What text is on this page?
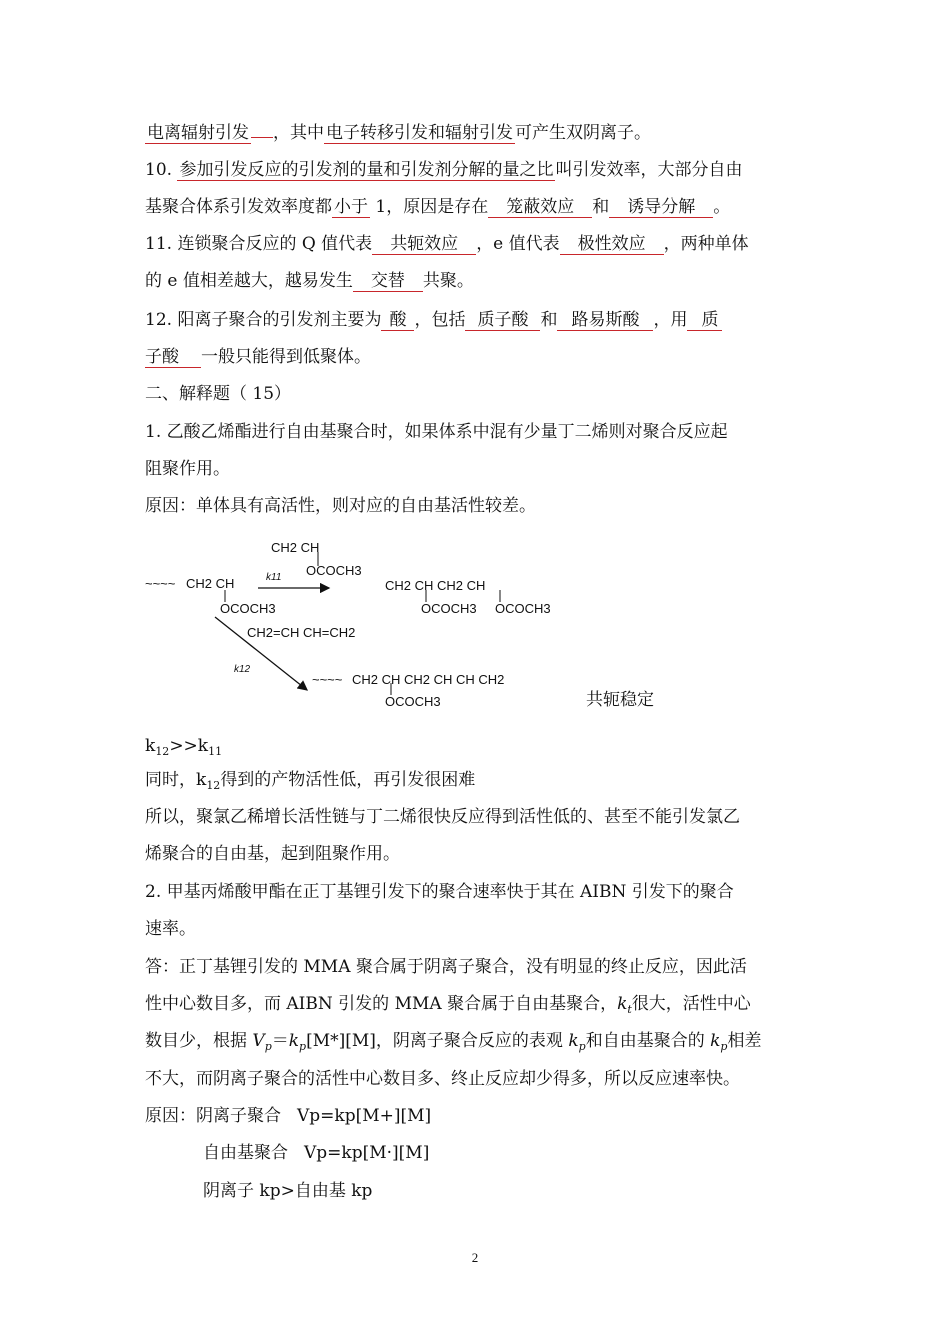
电离辐射引发 ，其中 电子转移引发和辐射引发 可产生双阴离子。
10. 参加引发反应的引发剂的量和引发剂分解的量之比 叫引发效率，大部分自由
基聚合体系引发效率度都 小于 1，原因是存在 笼蔽效应 和 诱导分解 。
11. 连锁聚合反应的 Q 值代表 共轭效应 ，e 值代表 极性效应 ，两种单体
的 e 值相差越大，越易发生 交替 共聚。
12. 阳离子聚合的引发剂主要为 酸 ，包括 质子酸 和 路易斯酸 ，用 质
子酸 一般只能得到低聚体。
二、解释题（ 15）
1. 乙酸乙烯酯进行自由基聚合时，如果体系中混有少量丁二烯则对聚合反应起
阻聚作用。
原因：单体具有高活性，则对应的自由基活性较差。
CH2 CH
OCOCH3
~~~~ CH2 CH
OCOCH3
k11
CH2 CH CH2 CH
OCOCH3 OCOCH3
CH2=CH CH=CH2
k12
~~~~ CH2 CH CH2 CH CH CH2
OCOCH3	共轭稳定
$k_{12}>>k_{11}$
同时，$k_{12}$得到的产物活性低，再引发很困难
所以，聚氯乙稀增长活性链与丁二烯很快反应得到活性低的、甚至不能引发氯乙
烯聚合的自由基，起到阻聚作用。
2. 甲基丙烯酸甲酯在正丁基锂引发下的聚合速率快于其在 AIBN 引发下的聚合
速率。
答：正丁基锂引发的 MMA 聚合属于阴离子聚合，没有明显的终止反应，因此活
性中心数目多，而 AIBN 引发的 MMA 聚合属于自由基聚合，$k_t$很大，活性中心
数目少，根据 $V_p=k_p[M*][M]$，阴离子聚合反应的表观 $k_p$和自由基聚合的 $k_p$相差
不大，而阴离子聚合的活性中心数目多、终止反应却少得多，所以反应速率快。
原因：阴离子聚合 Vp=kp[M+][M]
自由基聚合 Vp=kp[M·][M]
阴离子 kp>自由基 kp
2
